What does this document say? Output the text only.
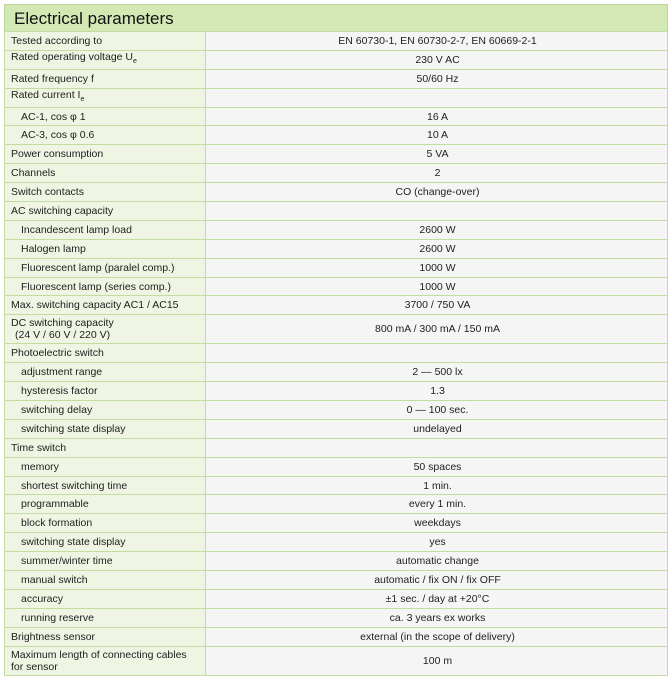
Electrical parameters
Tested according to	EN 60730-1, EN 60730-2-7, EN 60669-2-1
Rated operating voltage $U_e$	230 V AC
Rated frequency f	50/60 Hz
Rated current $I_e$	
AC-1, cos φ 1	16 A
AC-3, cos φ 0.6	10 A
Power consumption	5 VA
Channels	2
Switch contacts	CO (change-over)
AC switching capacity	
Incandescent lamp load	2600 W
Halogen lamp	2600 W
Fluorescent lamp (paralel comp.)	1000 W
Fluorescent lamp (series comp.)	1000 W
Max. switching capacity AC1 / AC15	3700 / 750 VA
DC switching capacity
(24 V / 60 V / 220 V)	800 mA / 300 mA / 150 mA
Photoelectric switch	
adjustment range	2 — 500 lx
hysteresis factor	1.3
switching delay	0 — 100 sec.
switching state display	undelayed
Time switch	
memory	50 spaces
shortest switching time	1 min.
programmable	every 1 min.
block formation	weekdays
switching state display	yes
summer/winter time	automatic change
manual switch	automatic / fix ON / fix OFF
accuracy	±1 sec. / day at +20°C
running reserve	ca. 3 years ex works
Brightness sensor	external (in the scope of delivery)
Maximum length of connecting cables
for sensor	100 m
